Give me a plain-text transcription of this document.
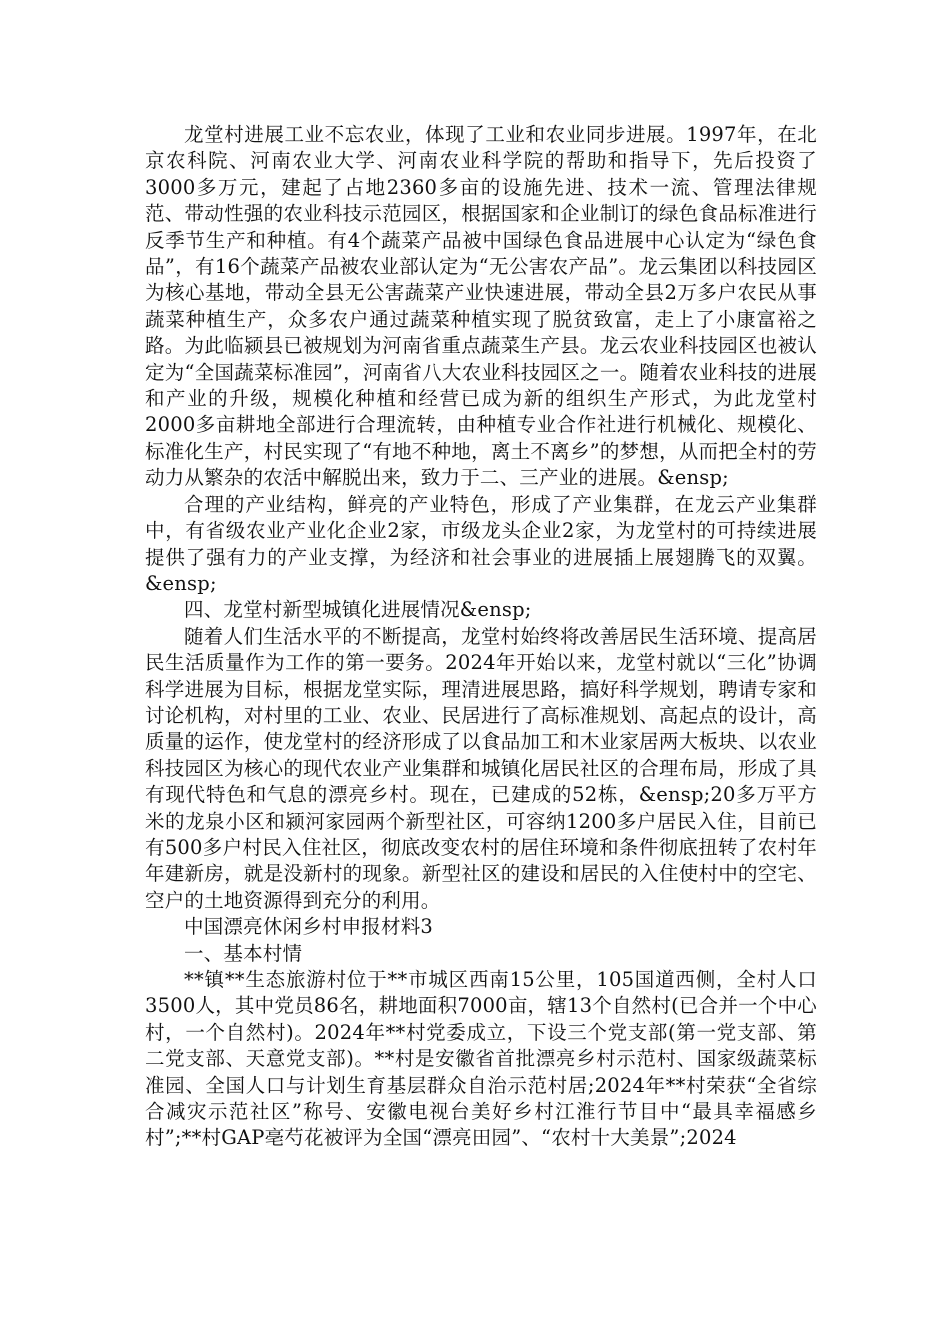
龙堂村进展工业不忘农业，体现了工业和农业同步进展。1997年，在北京农科院、河南农业大学、河南农业科学院的帮助和指导下，先后投资了3000多万元，建起了占地2360多亩的设施先进、技术一流、管理法律规范、带动性强的农业科技示范园区，根据国家和企业制订的绿色食品标准进行反季节生产和种植。有4个蔬菜产品被中国绿色食品进展中心认定为“绿色食品”，有16个蔬菜产品被农业部认定为“无公害农产品”。龙云集团以科技园区为核心基地，带动全县无公害蔬菜产业快速进展，带动全县2万多户农民从事蔬菜种植生产，众多农户通过蔬菜种植实现了脱贫致富，走上了小康富裕之路。为此临颍县已被规划为河南省重点蔬菜生产县。龙云农业科技园区也被认定为“全国蔬菜标准园”，河南省八大农业科技园区之一。随着农业科技的进展和产业的升级，规模化种植和经营已成为新的组织生产形式，为此龙堂村2000多亩耕地全部进行合理流转，由种植专业合作社进行机械化、规模化、标准化生产，村民实现了“有地不种地，离土不离乡”的梦想，从而把全村的劳动力从繁杂的农活中解脱出来，致力于二、三产业的进展。&ensp;

合理的产业结构，鲜亮的产业特色，形成了产业集群，在龙云产业集群中，有省级农业产业化企业2家，市级龙头企业2家，为龙堂村的可持续进展提供了强有力的产业支撑，为经济和社会事业的进展插上展翅腾飞的双翼。&ensp;

四、龙堂村新型城镇化进展情况&ensp;

随着人们生活水平的不断提高，龙堂村始终将改善居民生活环境、提高居民生活质量作为工作的第一要务。2024年开始以来，龙堂村就以“三化”协调科学进展为目标，根据龙堂实际，理清进展思路，搞好科学规划，聘请专家和讨论机构，对村里的工业、农业、民居进行了高标准规划、高起点的设计，高质量的运作，使龙堂村的经济形成了以食品加工和木业家居两大板块、以农业科技园区为核心的现代农业产业集群和城镇化居民社区的合理布局，形成了具有现代特色和气息的漂亮乡村。现在，已建成的52栋，&ensp;20多万平方米的龙泉小区和颍河家园两个新型社区，可容纳1200多户居民入住，目前已有500多户村民入住社区，彻底改变农村的居住环境和条件彻底扭转了农村年年建新房，就是没新村的现象。新型社区的建设和居民的入住使村中的空宅、空户的土地资源得到充分的利用。

中国漂亮休闲乡村申报材料3

一、基本村情

**镇**生态旅游村位于**市城区西南15公里，105国道西侧，全村人口3500人，其中党员86名，耕地面积7000亩，辖13个自然村(已合并一个中心村，一个自然村)。2024年**村党委成立，下设三个党支部(第一党支部、第二党支部、天意党支部)。**村是安徽省首批漂亮乡村示范村、国家级蔬菜标准园、全国人口与计划生育基层群众自治示范村居;2024年**村荣获“全省综合减灾示范社区”称号、安徽电视台美好乡村江淮行节目中“最具幸福感乡村”;**村GAP亳芍花被评为全国“漂亮田园”、“农村十大美景”;2024
